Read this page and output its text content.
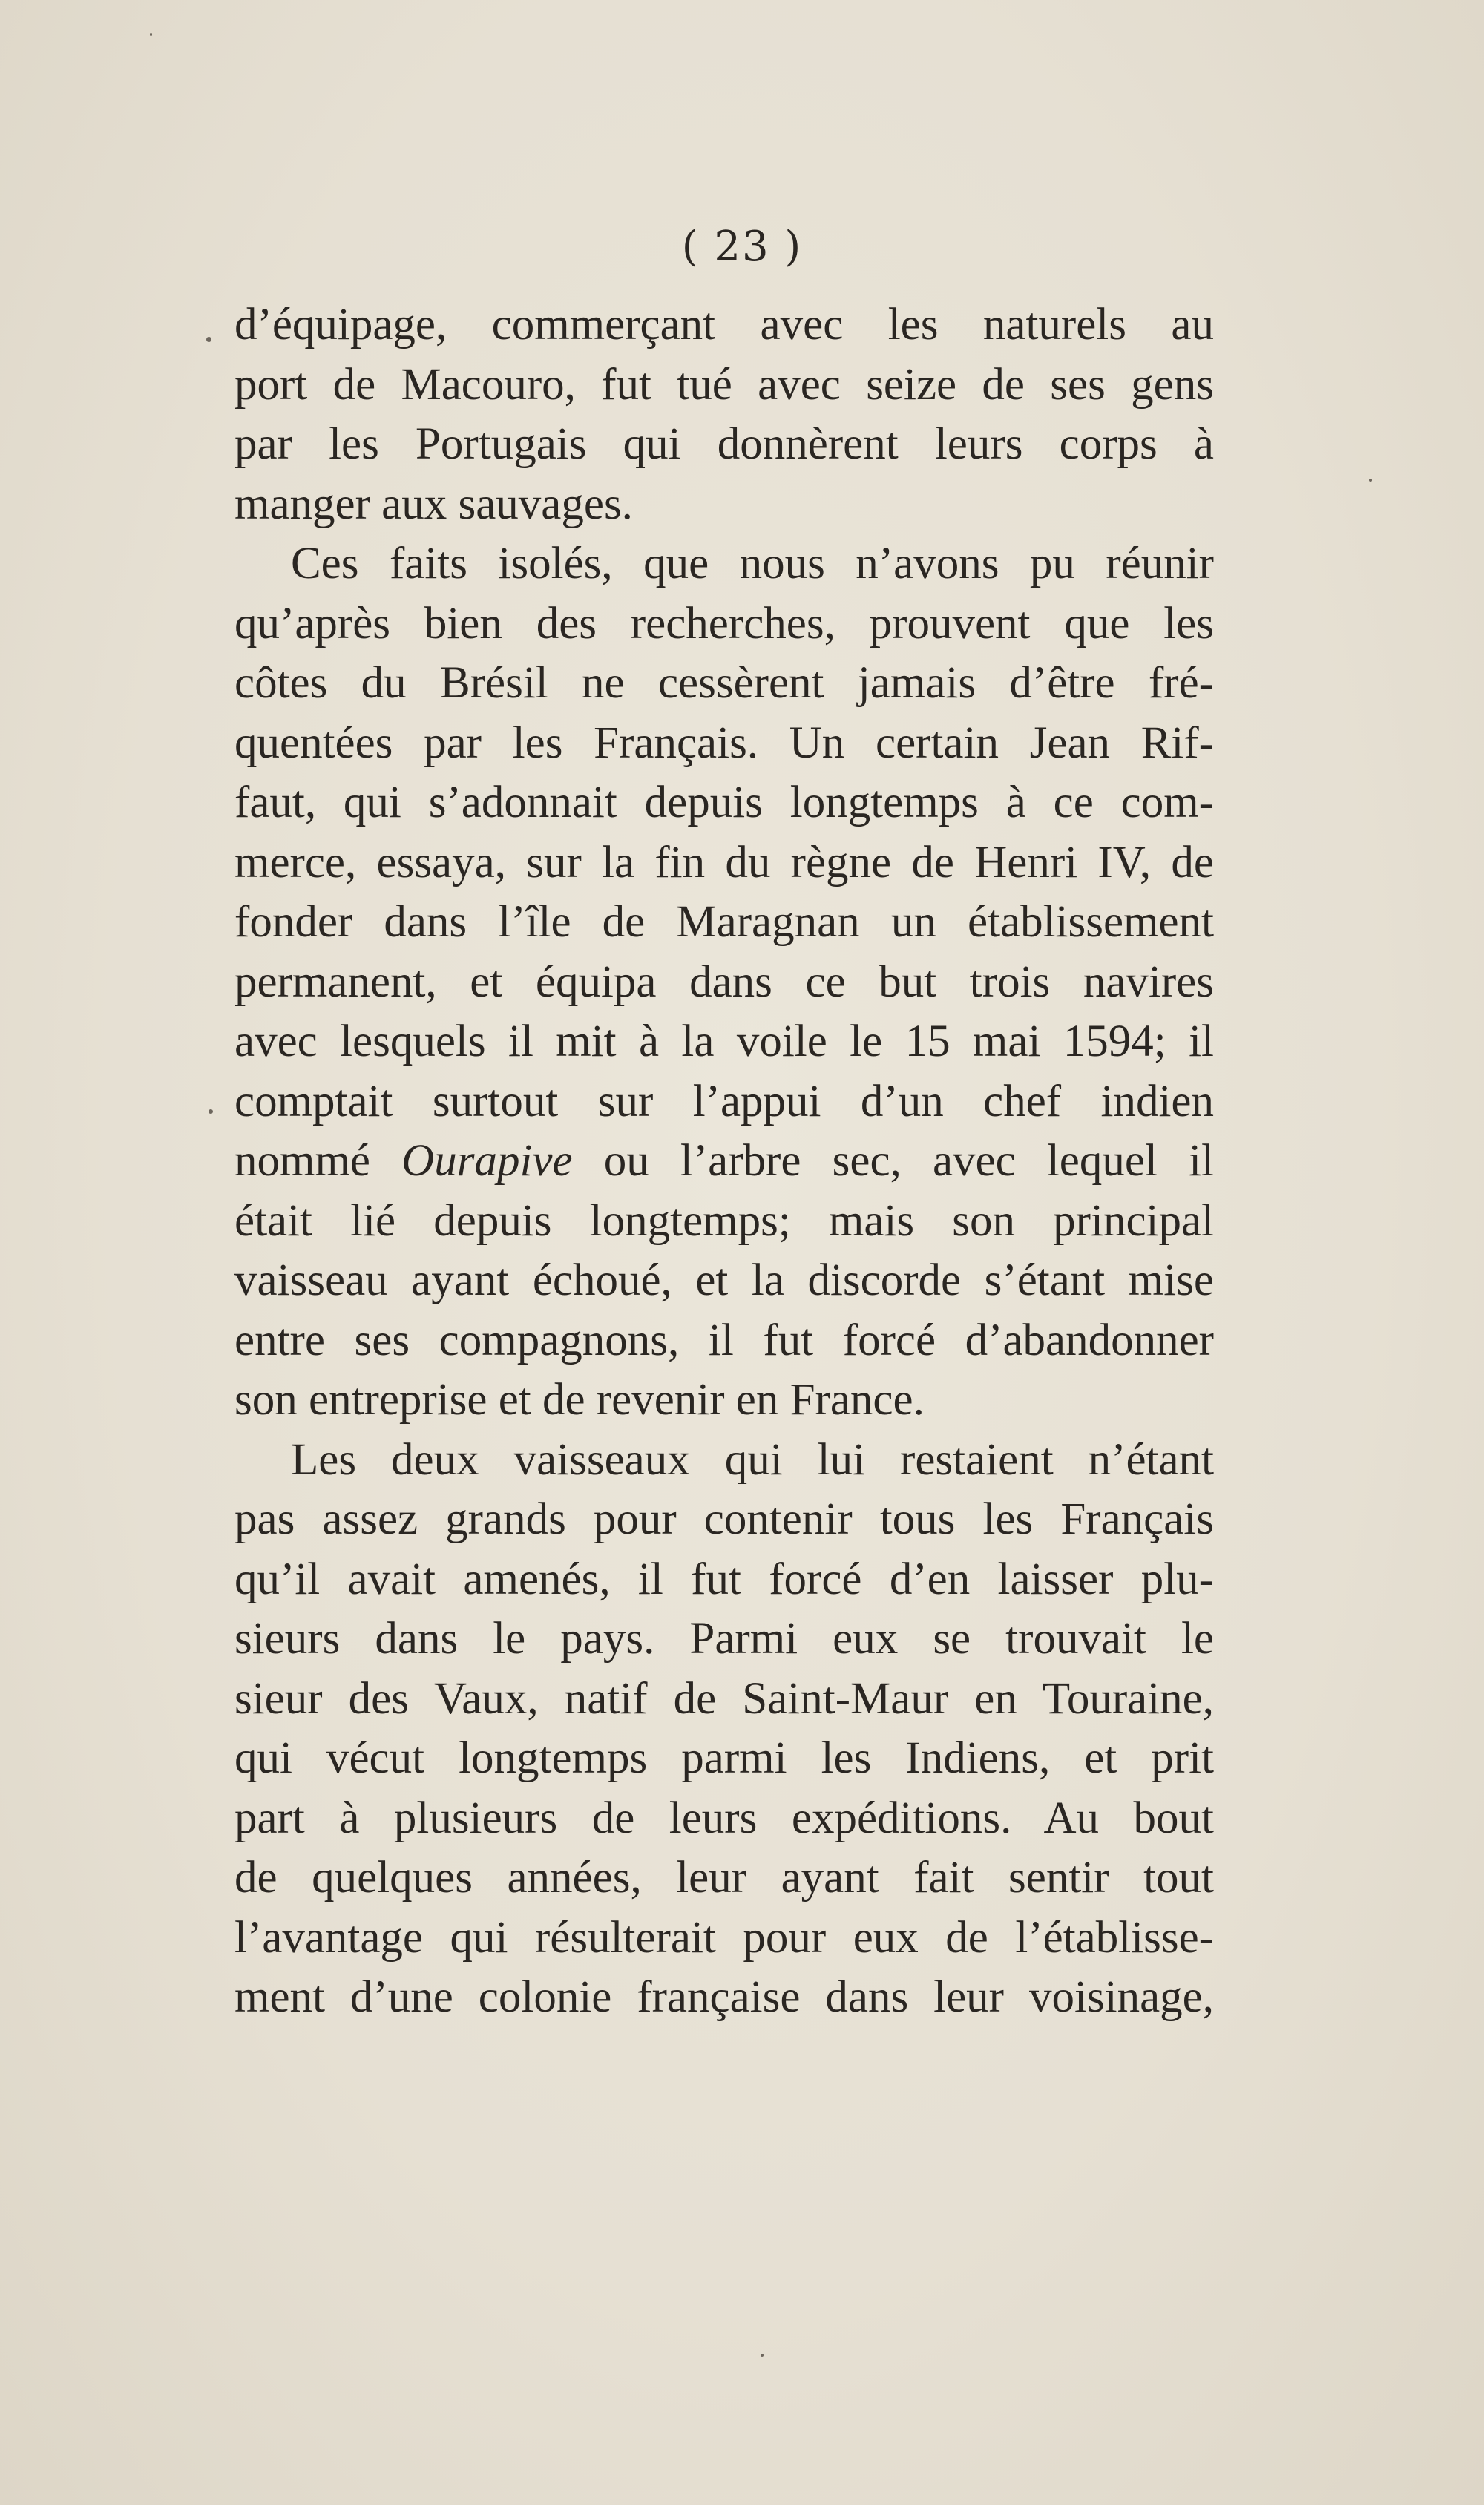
( 23 )
d’équipage, commerçant avec les naturels au
port de Macouro, fut tué avec seize de ses gens
par les Portugais qui donnèrent leurs corps à
manger aux sauvages.
Ces faits isolés, que nous n’avons pu réunir
qu’après bien des recherches, prouvent que les
côtes du Brésil ne cessèrent jamais d’être fré-
quentées par les Français. Un certain Jean Rif-
faut, qui s’adonnait depuis longtemps à ce com-
merce, essaya, sur la fin du règne de Henri IV, de
fonder dans l’île de Maragnan un établissement
permanent, et équipa dans ce but trois navires
avec lesquels il mit à la voile le 15 mai 1594; il
comptait surtout sur l’appui d’un chef indien
nommé Ourapive ou l’arbre sec, avec lequel il
était lié depuis longtemps; mais son principal
vaisseau ayant échoué, et la discorde s’étant mise
entre ses compagnons, il fut forcé d’abandonner
son entreprise et de revenir en France.
Les deux vaisseaux qui lui restaient n’étant
pas assez grands pour contenir tous les Français
qu’il avait amenés, il fut forcé d’en laisser plu-
sieurs dans le pays. Parmi eux se trouvait le
sieur des Vaux, natif de Saint-Maur en Touraine,
qui vécut longtemps parmi les Indiens, et prit
part à plusieurs de leurs expéditions. Au bout
de quelques années, leur ayant fait sentir tout
l’avantage qui résulterait pour eux de l’établisse-
ment d’une colonie française dans leur voisinage,
